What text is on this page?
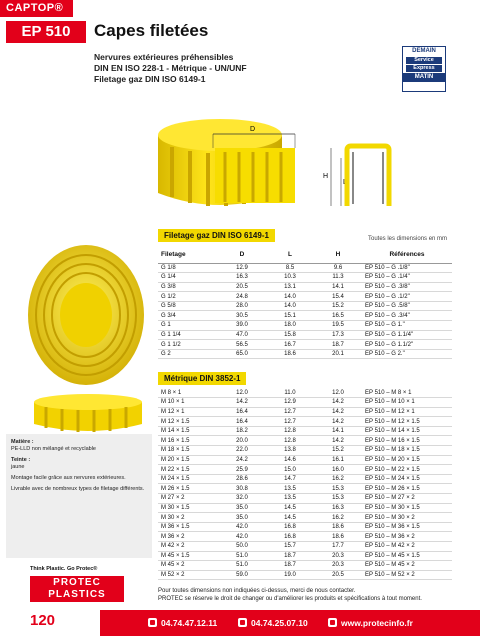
CAPTOP®
EP 510	Capes filetées
Nervures extérieures préhensibles
DIN EN ISO 228-1 - Métrique - UN/UNF
Filetage gaz DIN ISO 6149-1
DEMAIN
Service
Express
MATIN
D
H
L
Filetage gaz DIN ISO 6149-1	Toutes les dimensions en mm
Filetage	D	L	H	Références
G 1/8	12.9	8.5	9.6	EP 510 – G .1/8"
G 1/4	16.3	10.3	11.3	EP 510 – G .1/4"
G 3/8	20.5	13.1	14.1	EP 510 – G .3/8"
G 1/2	24.8	14.0	15.4	EP 510 – G .1/2"
G 5/8	28.0	14.0	15.2	EP 510 – G .5/8"
G 3/4	30.5	15.1	16.5	EP 510 – G .3/4"
G 1	39.0	18.0	19.5	EP 510 – G 1."
G 1 1/4	47.0	15.8	17.3	EP 510 – G 1.1/4"
G 1 1/2	56.5	16.7	18.7	EP 510 – G 1.1/2"
G 2	65.0	18.6	20.1	EP 510 – G 2."
Métrique DIN 3852-1
M 8 × 1	12.0	11.0	12.0	EP 510 – M 8 × 1
M 10 × 1	14.2	12.9	14.2	EP 510 – M 10 × 1
M 12 × 1	16.4	12.7	14.2	EP 510 – M 12 × 1
M 12 × 1.5	16.4	12.7	14.2	EP 510 – M 12 × 1.5
M 14 × 1.5	18.2	12.8	14.1	EP 510 – M 14 × 1.5
M 16 × 1.5	20.0	12.8	14.2	EP 510 – M 16 × 1.5
M 18 × 1.5	22.0	13.8	15.2	EP 510 – M 18 × 1.5
M 20 × 1.5	24.2	14.6	16.1	EP 510 – M 20 × 1.5
M 22 × 1.5	25.9	15.0	16.0	EP 510 – M 22 × 1.5
M 24 × 1.5	28.6	14.7	16.2	EP 510 – M 24 × 1.5
M 26 × 1.5	30.8	13.5	15.3	EP 510 – M 26 × 1.5
M 27 × 2	32.0	13.5	15.3	EP 510 – M 27 × 2
M 30 × 1.5	35.0	14.5	16.3	EP 510 – M 30 × 1.5
M 30 × 2	35.0	14.5	16.2	EP 510 – M 30 × 2
M 36 × 1.5	42.0	16.8	18.6	EP 510 – M 36 × 1.5
M 36 × 2	42.0	16.8	18.6	EP 510 – M 36 × 2
M 42 × 2	50.0	15.7	17.7	EP 510 – M 42 × 2
M 45 × 1.5	51.0	18.7	20.3	EP 510 – M 45 × 1.5
M 45 × 2	51.0	18.7	20.3	EP 510 – M 45 × 2
M 52 × 2	59.0	19.0	20.5	EP 510 – M 52 × 2

Matière :
PE-LLD non mélangé et recyclable

Teinte :
jaune

Montage facile grâce aux nervures extérieures.

Livrable avec de nombreux types de filetage différents.

Think Plastic. Go Protec®
PROTEC
PLASTICS	Pour toutes dimensions non indiquées ci-dessus, merci de nous contacter.
PROTEC se réserve le droit de changer ou d'améliorer les produits et spécifications à tout moment.
120	04.74.47.12.11	04.74.25.07.10	www.protecinfo.fr
